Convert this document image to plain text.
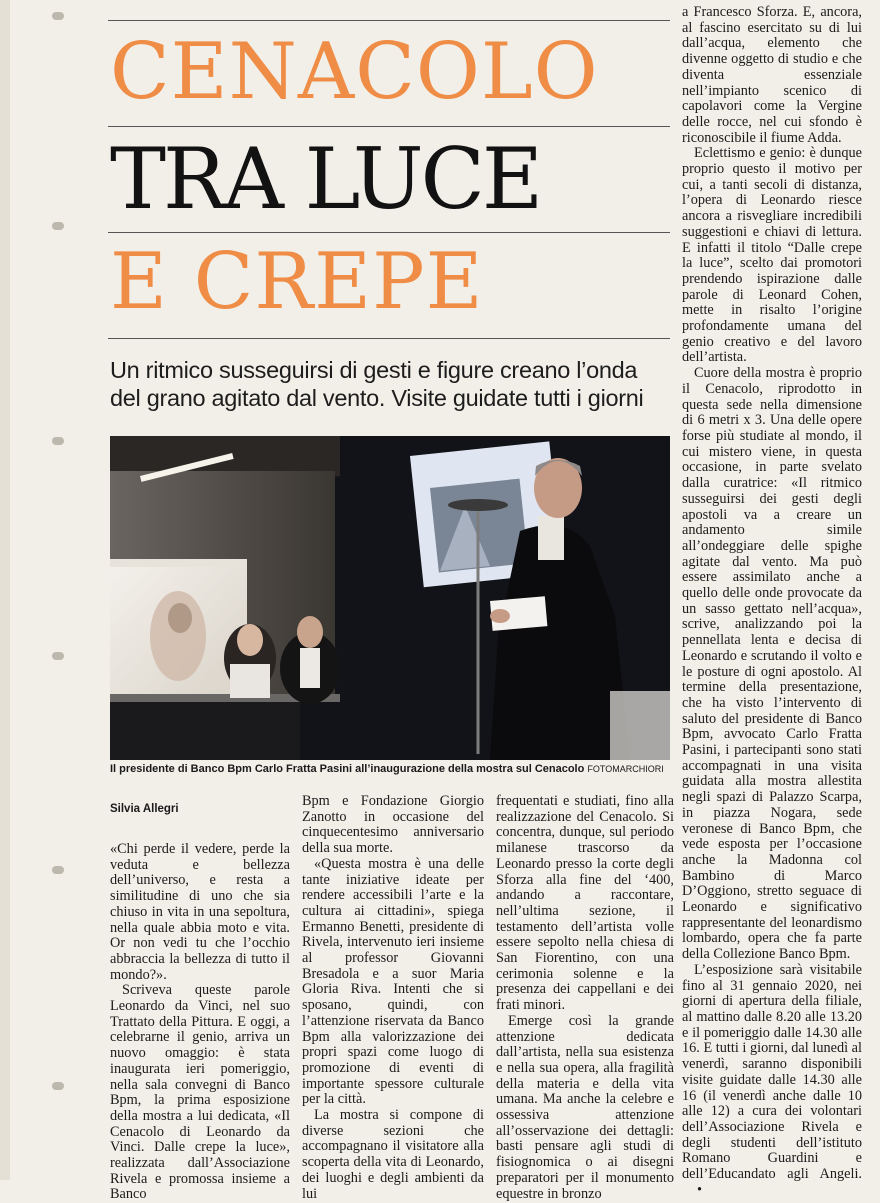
CENACOLO
TRA LUCE
E CREPE

Un ritmico susseguirsi di gesti e figure creano l’onda del grano agitato dal vento. Visite guidate tutti i giorni

Il presidente di Banco Bpm Carlo Fratta Pasini all’inaugurazione della mostra sul Cenacolo FOTOMARCHIORI

Silvia Allegri

«Chi perde il vedere, perde la veduta e bellezza dell’universo, e resta a similitudine di uno che sia chiuso in vita in una sepoltura, nella quale abbia moto e vita. Or non vedi tu che l’occhio abbraccia la bellezza di tutto il mondo?».

Scriveva queste parole Leonardo da Vinci, nel suo Trattato della Pittura. E oggi, a celebrarne il genio, arriva un nuovo omaggio: è stata inaugurata ieri pomeriggio, nella sala convegni di Banco Bpm, la prima esposizione della mostra a lui dedicata, «Il Cenacolo di Leonardo da Vinci. Dalle crepe la luce», realizzata dall’Associazione Rivela e promossa insieme a Banco

Bpm e Fondazione Giorgio Zanotto in occasione del cinquecentesimo anniversario della sua morte.

«Questa mostra è una delle tante iniziative ideate per rendere accessibili l’arte e la cultura ai cittadini», spiega Ermanno Benetti, presidente di Rivela, intervenuto ieri insieme al professor Giovanni Bresadola e a suor Maria Gloria Riva. Intenti che si sposano, quindi, con l’attenzione riservata da Banco Bpm alla valorizzazione dei propri spazi come luogo di promozione di eventi di importante spessore culturale per la città.

La mostra si compone di diverse sezioni che accompagnano il visitatore alla scoperta della vita di Leonardo, dei luoghi e degli ambienti da lui

frequentati e studiati, fino alla realizzazione del Cenacolo. Si concentra, dunque, sul periodo milanese trascorso da Leonardo presso la corte degli Sforza alla fine del ‘400, andando a raccontare, nell’ultima sezione, il testamento dell’artista volle essere sepolto nella chiesa di San Fiorentino, con una cerimonia solenne e la presenza dei cappellani e dei frati minori.

Emerge così la grande attenzione dedicata dall’artista, nella sua esistenza e nella sua opera, alla fragilità della materia e della vita umana. Ma anche la celebre e ossessiva attenzione all’osservazione dei dettagli: basti pensare agli studi di fisiognomica o ai disegni preparatori per il monumento equestre in bronzo

a Francesco Sforza. E, ancora, al fascino esercitato su di lui dall’acqua, elemento che divenne oggetto di studio e che diventa essenziale nell’impianto scenico di capolavori come la Vergine delle rocce, nel cui sfondo è riconoscibile il fiume Adda.

Eclettismo e genio: è dunque proprio questo il motivo per cui, a tanti secoli di distanza, l’opera di Leonardo riesce ancora a risvegliare incredibili suggestioni e chiavi di lettura. E infatti il titolo “Dalle crepe la luce”, scelto dai promotori prendendo ispirazione dalle parole di Leonard Cohen, mette in risalto l’origine profondamente umana del genio creativo e del lavoro dell’artista.

Cuore della mostra è proprio il Cenacolo, riprodotto in questa sede nella dimensione di 6 metri x 3. Una delle opere forse più studiate al mondo, il cui mistero viene, in questa occasione, in parte svelato dalla curatrice: «Il ritmico susseguirsi dei gesti degli apostoli va a creare un andamento simile all’ondeggiare delle spighe agitate dal vento. Ma può essere assimilato anche a quello delle onde provocate da un sasso gettato nell’acqua», scrive, analizzando poi la pennellata lenta e decisa di Leonardo e scrutando il volto e le posture di ogni apostolo. Al termine della presentazione, che ha visto l’intervento di saluto del presidente di Banco Bpm, avvocato Carlo Fratta Pasini, i partecipanti sono stati accompagnati in una visita guidata alla mostra allestita negli spazi di Palazzo Scarpa, in piazza Nogara, sede veronese di Banco Bpm, che vede esposta per l’occasione anche la Madonna col Bambino di Marco D’Oggiono, stretto seguace di Leonardo e significativo rappresentante del leonardismo lombardo, opera che fa parte della Collezione Banco Bpm.

L’esposizione sarà visitabile fino al 31 gennaio 2020, nei giorni di apertura della filiale, al mattino dalle 8.20 alle 13.20 e il pomeriggio dalle 14.30 alle 16. E tutti i giorni, dal lunedì al venerdì, saranno disponibili visite guidate dalle 14.30 alle 16 (il venerdì anche dalle 10 alle 12) a cura dei volontari dell’Associazione Rivela e degli studenti dell’istituto Romano Guardini e dell’Educandato agli Angeli.•
